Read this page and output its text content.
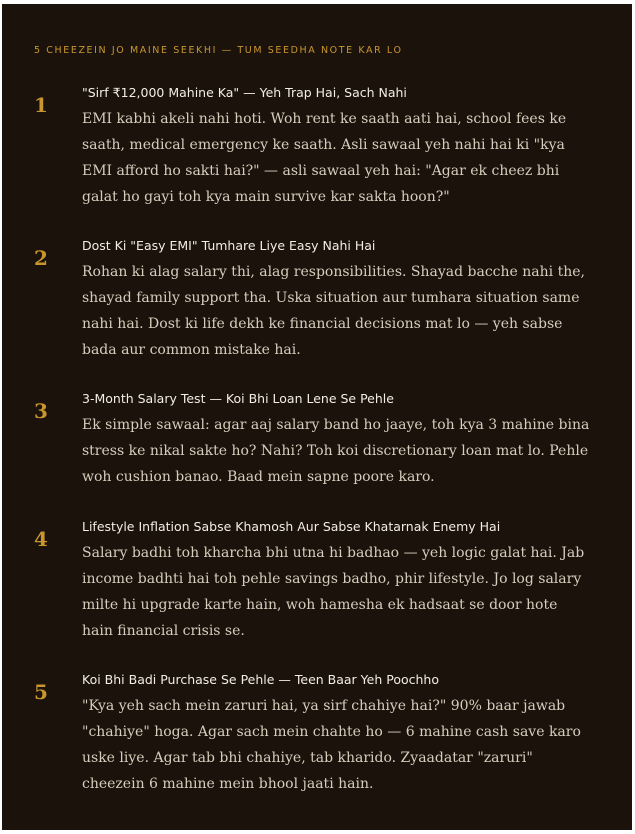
5 CHEEZEIN JO MAINE SEEKHI — TUM SEEDHA NOTE KAR LO
1
"Sirf ₹12,000 Mahine Ka" — Yeh Trap Hai, Sach Nahi

EMI kabhi akeli nahi hoti. Woh rent ke saath aati hai, school fees ke saath, medical emergency ke saath. Asli sawaal yeh nahi hai ki "kya EMI afford ho sakti hai?" — asli sawaal yeh hai: "Agar ek cheez bhi galat ho gayi toh kya main survive kar sakta hoon?"

2
Dost Ki "Easy EMI" Tumhare Liye Easy Nahi Hai

Rohan ki alag salary thi, alag responsibilities. Shayad bacche nahi the, shayad family support tha. Uska situation aur tumhara situation same nahi hai. Dost ki life dekh ke financial decisions mat lo — yeh sabse bada aur common mistake hai.

3
3-Month Salary Test — Koi Bhi Loan Lene Se Pehle

Ek simple sawaal: agar aaj salary band ho jaaye, toh kya 3 mahine bina stress ke nikal sakte ho? Nahi? Toh koi discretionary loan mat lo. Pehle woh cushion banao. Baad mein sapne poore karo.

4
Lifestyle Inflation Sabse Khamosh Aur Sabse Khatarnak Enemy Hai

Salary badhi toh kharcha bhi utna hi badhao — yeh logic galat hai. Jab income badhti hai toh pehle savings badho, phir lifestyle. Jo log salary milte hi upgrade karte hain, woh hamesha ek hadsaat se door hote hain financial crisis se.

5
Koi Bhi Badi Purchase Se Pehle — Teen Baar Yeh Poochho

"Kya yeh sach mein zaruri hai, ya sirf chahiye hai?" 90% baar jawab "chahiye" hoga. Agar sach mein chahte ho — 6 mahine cash save karo uske liye. Agar tab bhi chahiye, tab kharido. Zyaadatar "zaruri" cheezein 6 mahine mein bhool jaati hain.
